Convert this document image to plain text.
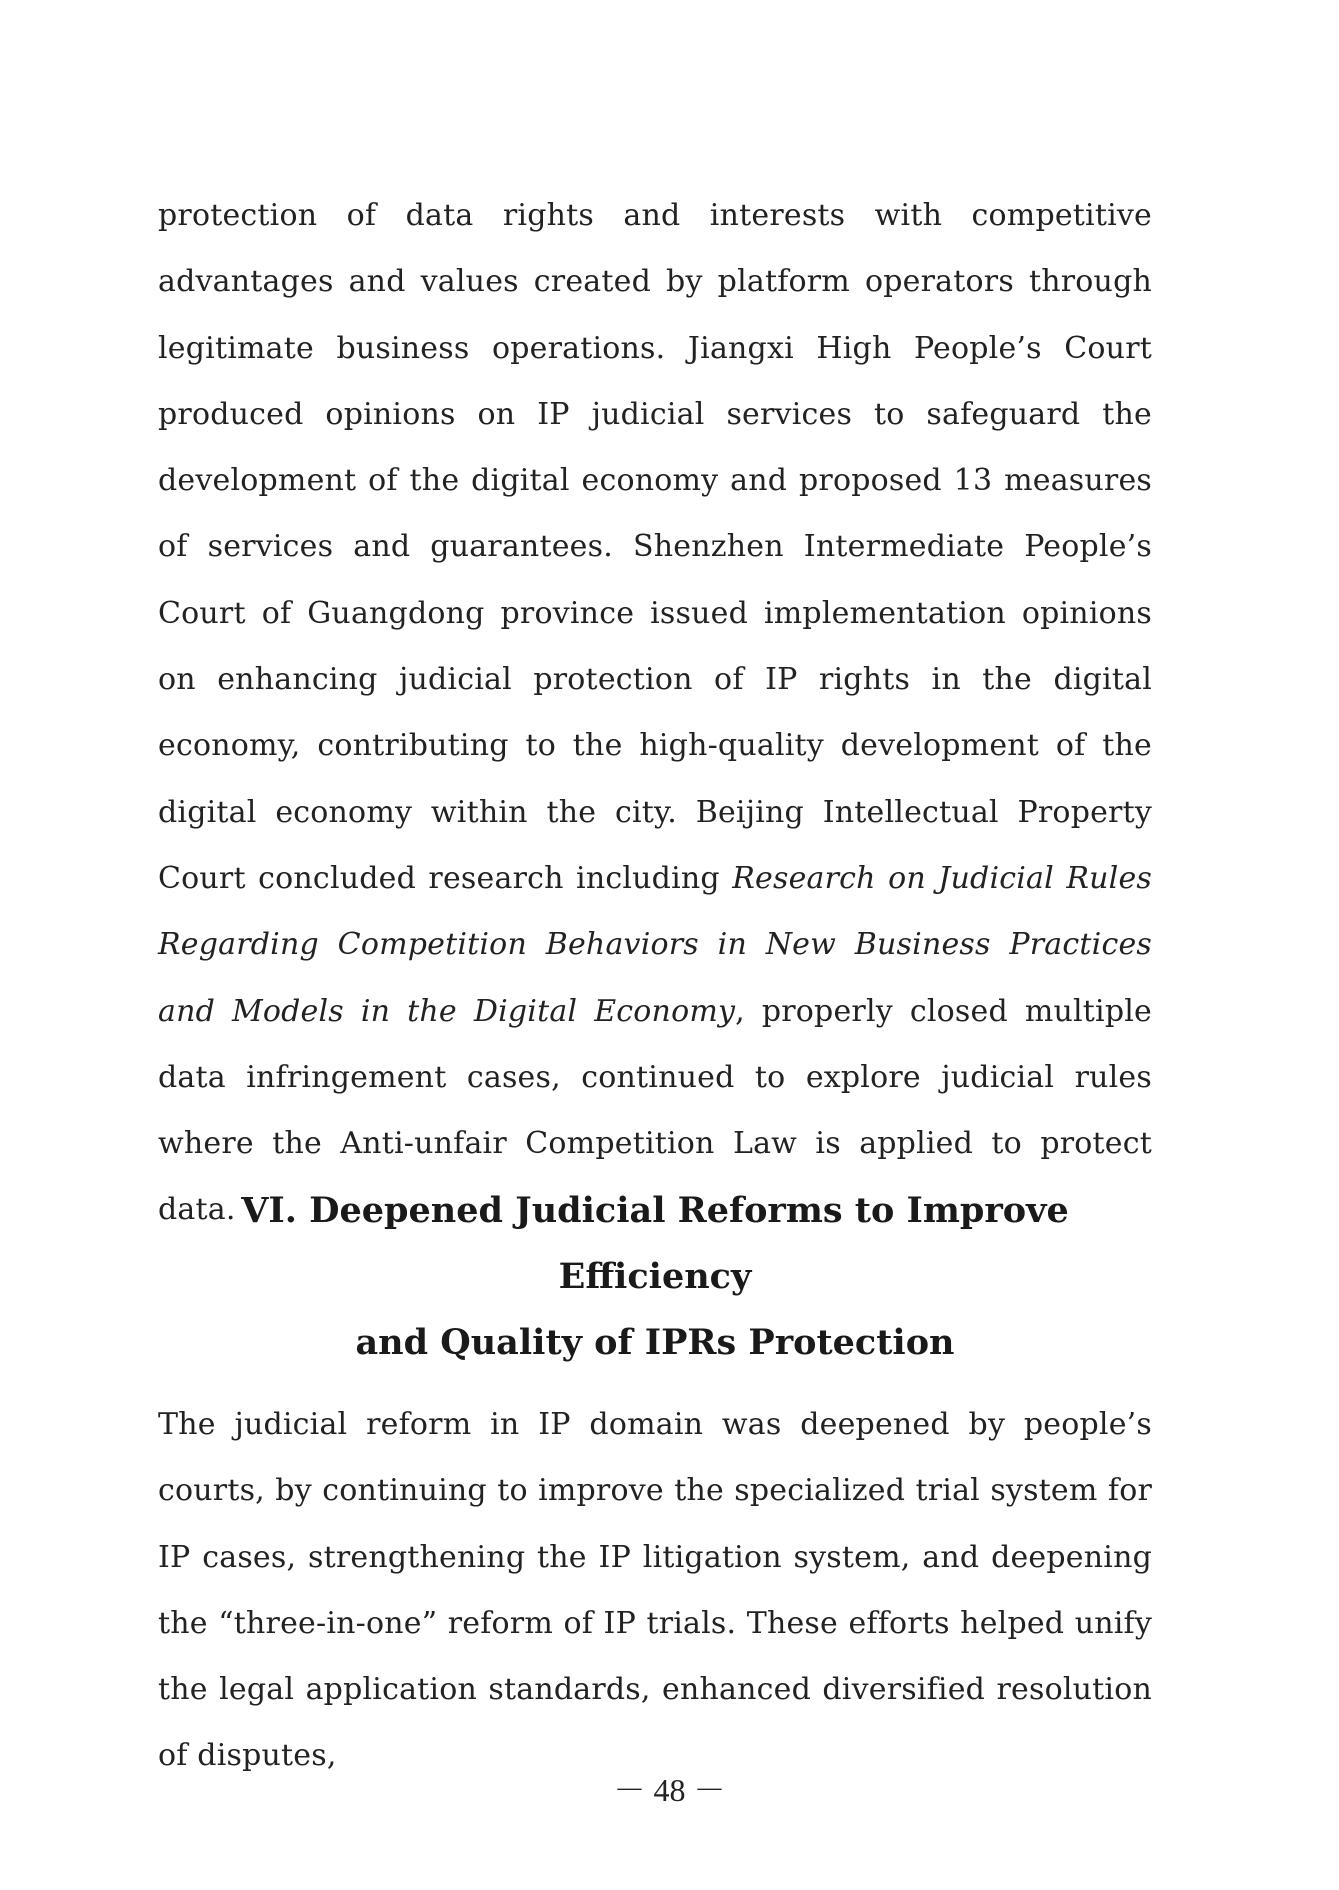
protection of data rights and interests with competitive advantages and values created by platform operators through legitimate business operations. Jiangxi High People’s Court produced opinions on IP judicial services to safeguard the development of the digital economy and proposed 13 measures of services and guarantees. Shenzhen Intermediate People’s Court of Guangdong province issued implementation opinions on enhancing judicial protection of IP rights in the digital economy, contributing to the high-quality development of the digital economy within the city. Beijing Intellectual Property Court concluded research including Research on Judicial Rules Regarding Competition Behaviors in New Business Practices and Models in the Digital Economy, properly closed multiple data infringement cases, continued to explore judicial rules where the Anti-unfair Competition Law is applied to protect data. VI. Deepened Judicial Reforms to Improve Efficiency
and Quality of IPRs Protection

The judicial reform in IP domain was deepened by people’s courts, by continuing to improve the specialized trial system for IP cases, strengthening the IP litigation system, and deepening the “three-in-one” reform of IP trials. These efforts helped unify the legal application standards, enhanced diversified resolution of disputes,

－ 48 －
